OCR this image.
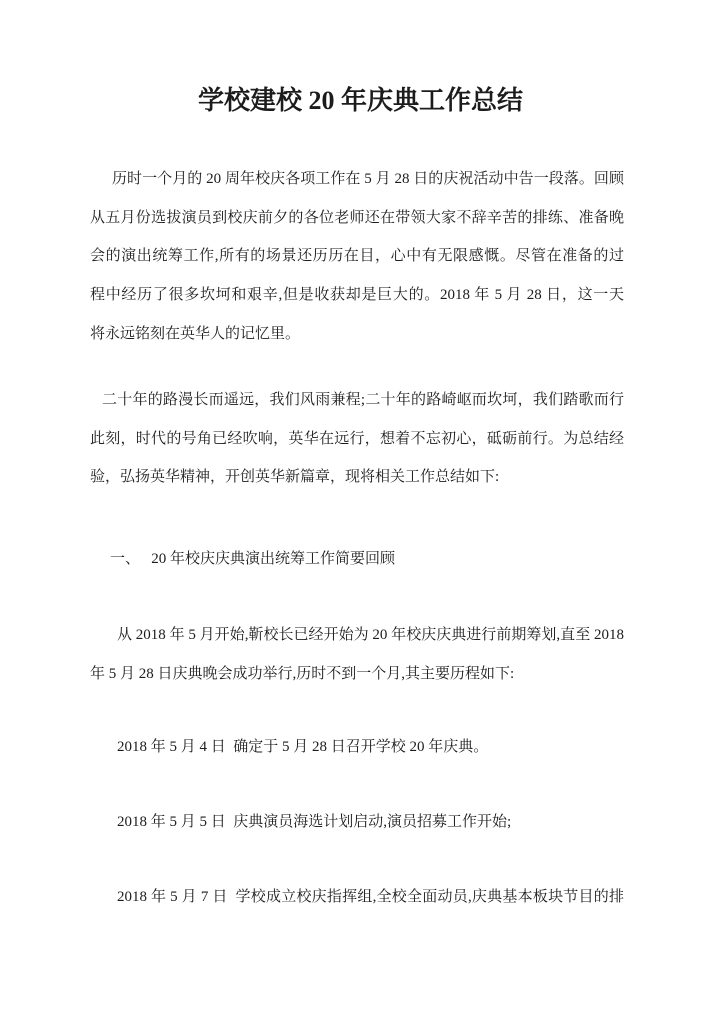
学校建校 20 年庆典工作总结
历时一个月的 20 周年校庆各项工作在 5 月 28 日的庆祝活动中告一段落。回顾
从五月份选拔演员到校庆前夕的各位老师还在带领大家不辞辛苦的排练、准备晚
会的演出统筹工作,所有的场景还历历在目，心中有无限感慨。尽管在准备的过
程中经历了很多坎坷和艰辛,但是收获却是巨大的。2018 年 5 月 28 日，这一天
将永远铭刻在英华人的记忆里。
二十年的路漫长而遥远，我们风雨兼程;二十年的路崎岖而坎坷，我们踏歌而行
此刻，时代的号角已经吹响，英华在远行，想着不忘初心，砥砺前行。为总结经
验，弘扬英华精神，开创英华新篇章，现将相关工作总结如下:
一、   20 年校庆庆典演出统筹工作简要回顾
从 2018 年 5 月开始,靳校长已经开始为 20 年校庆庆典进行前期筹划,直至 2018
年 5 月 28 日庆典晚会成功举行,历时不到一个月,其主要历程如下:
2018 年 5 月 4 日  确定于 5 月 28 日召开学校 20 年庆典。
2018 年 5 月 5 日  庆典演员海选计划启动,演员招募工作开始;
2018 年 5 月 7 日  学校成立校庆指挥组,全校全面动员,庆典基本板块节目的排
